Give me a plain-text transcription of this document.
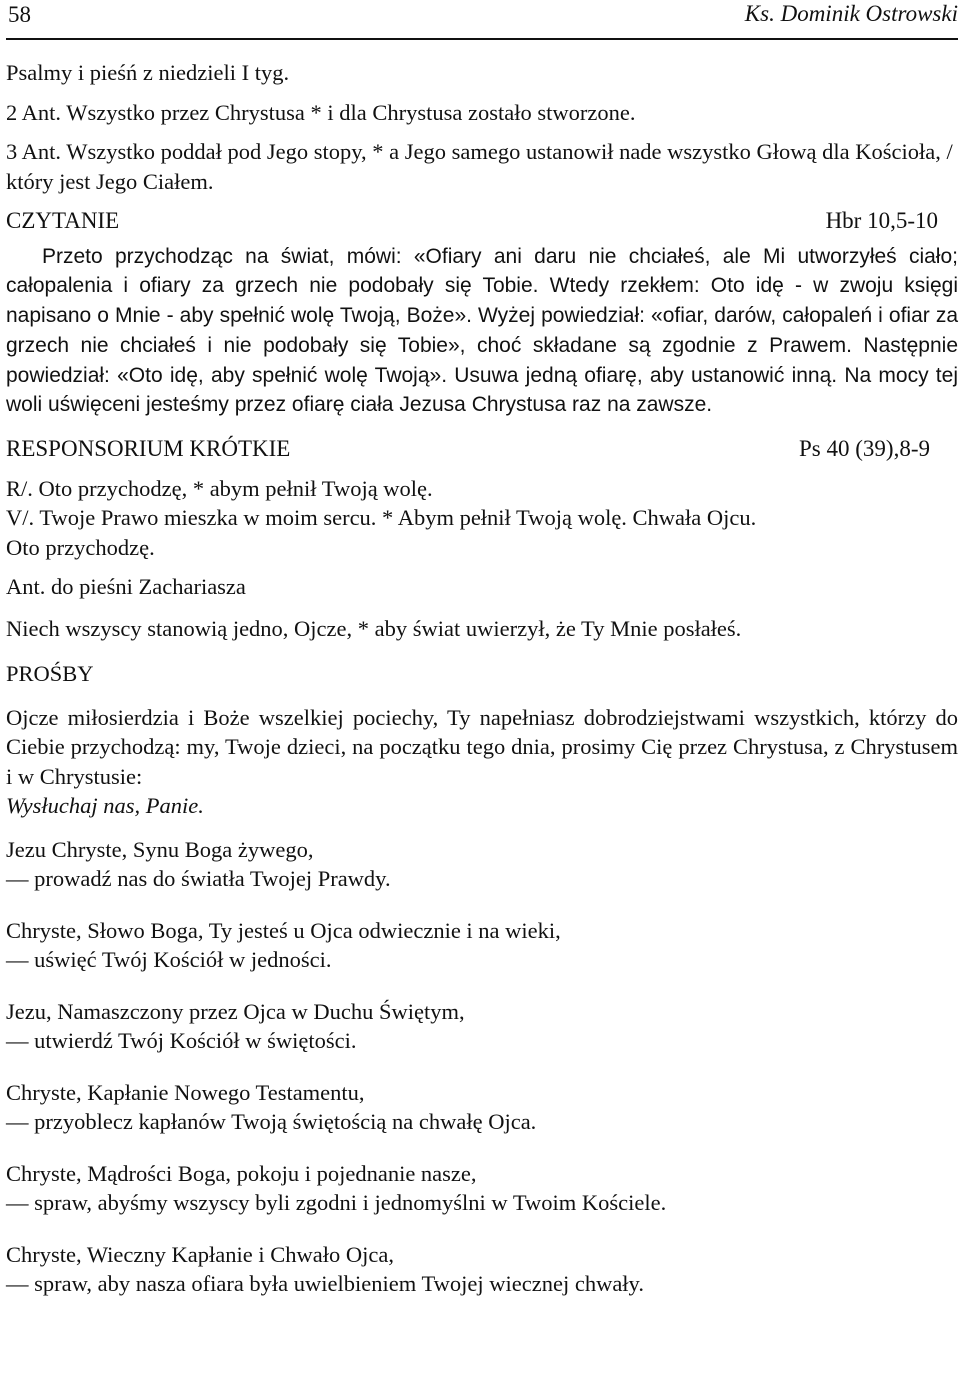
58	Ks. Dominik Ostrowski

Psalmy i pieśń z niedzieli I tyg.

2 Ant. Wszystko przez Chrystusa * i dla Chrystusa zostało stworzone.

3 Ant. Wszystko poddał pod Jego stopy, * a Jego samego ustanowił nade wszystko Głową dla Kościoła, / który jest Jego Ciałem.

CZYTANIE	Hbr 10,5-10

Przeto przychodząc na świat, mówi: «Ofiary ani daru nie chciałeś, ale Mi utworzyłeś ciało; całopalenia i ofiary za grzech nie podobały się Tobie. Wtedy rzekłem: Oto idę - w zwoju księgi napisano o Mnie - aby spełnić wolę Twoją, Boże». Wyżej powiedział: «ofiar, darów, całopaleń i ofiar za grzech nie chciałeś i nie podobały się Tobie», choć składane są zgodnie z Prawem. Następnie powiedział: «Oto idę, aby spełnić wolę Twoją». Usuwa jedną ofiarę, aby ustanowić inną. Na mocy tej woli uświęceni jesteśmy przez ofiarę ciała Jezusa Chrystusa raz na zawsze.

RESPONSORIUM KRÓTKIE	Ps 40 (39),8-9

R/. Oto przychodzę, * abym pełnił Twoją wolę.

V/. Twoje Prawo mieszka w moim sercu. * Abym pełnił Twoją wolę. Chwała Ojcu.

Oto przychodzę.

Ant. do pieśni Zachariasza

Niech wszyscy stanowią jedno, Ojcze, * aby świat uwierzył, że Ty Mnie posłałeś.

PROŚBY

Ojcze miłosierdzia i Boże wszelkiej pociechy, Ty napełniasz dobrodziejstwami wszystkich, którzy do Ciebie przychodzą: my, Twoje dzieci, na początku tego dnia, prosimy Cię przez Chrystusa, z Chrystusem i w Chrystusie:

Wysłuchaj nas, Panie.

Jezu Chryste, Synu Boga żywego,
— prowadź nas do światła Twojej Prawdy.
Chryste, Słowo Boga, Ty jesteś u Ojca odwiecznie i na wieki,
— uświęć Twój Kościół w jedności.
Jezu, Namaszczony przez Ojca w Duchu Świętym,
— utwierdź Twój Kościół w świętości.
Chryste, Kapłanie Nowego Testamentu,
— przyoblecz kapłanów Twoją świętością na chwałę Ojca.
Chryste, Mądrości Boga, pokoju i pojednanie nasze,
— spraw, abyśmy wszyscy byli zgodni i jednomyślni w Twoim Kościele.
Chryste, Wieczny Kapłanie i Chwało Ojca,
— spraw, aby nasza ofiara była uwielbieniem Twojej wiecznej chwały.
